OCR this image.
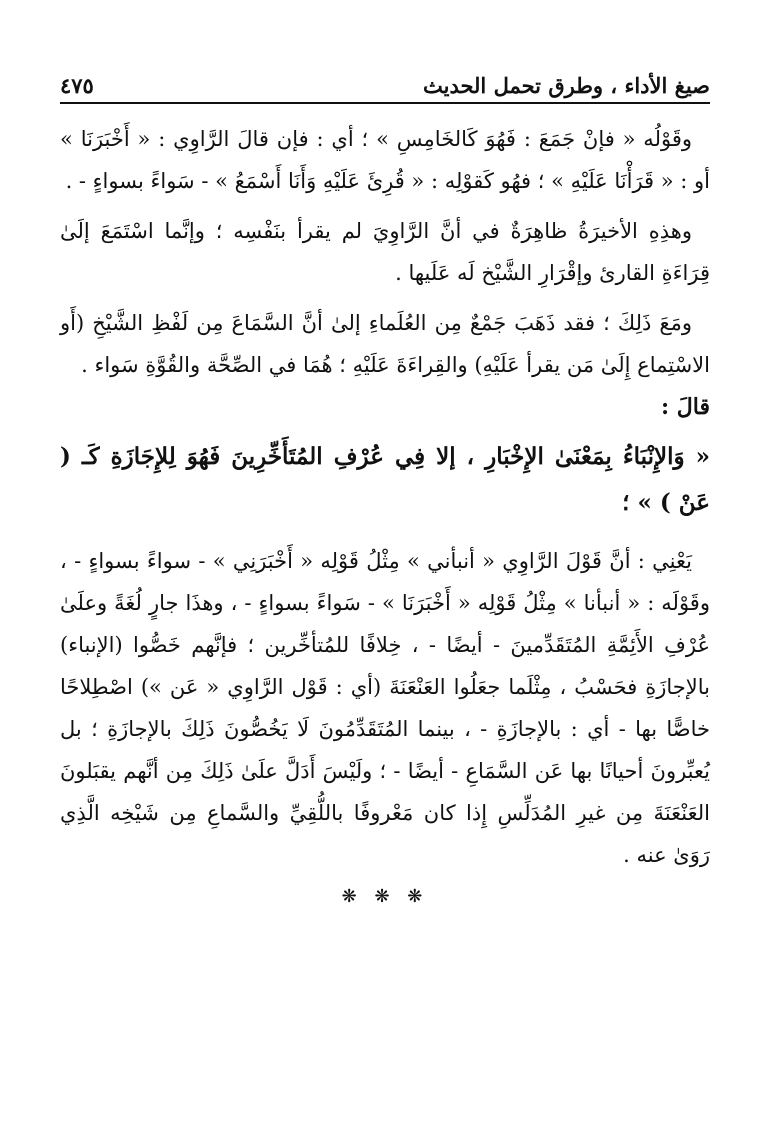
صيغ الأداء ، وطرق تحمل الحديث
٤٧٥

وقَوْلُه « فإنْ جَمَعَ : فَهُوَ كَالخَامِسِ » ؛ أي : فإن قالَ الرَّاوِي : « أَخْبَرَنَا » أو : « قَرَأْنَا عَلَيْهِ » ؛ فهُو كَقوْلِه : « قُرِئَ عَلَيْهِ وَأَنَا أَسْمَعُ » - سَواءً بسواءٍ - .

وهذِهِ الأخيرَةُ ظاهِرَةٌ في أنَّ الرَّاوِيَ لم يقرأ بنَفْسِه ؛ وإنَّما اسْتَمَعَ إلَىٰ قِرَاءَةِ القارئ وإقْرَارِ الشَّيْخ لَه عَلَيها .

ومَعَ ذَلِكَ ؛ فقد ذَهَبَ جَمْعٌ مِن العُلَماءِ إلىٰ أنَّ السَّمَاعَ مِن لَفْظِ الشَّيْخِ (أَو الاسْتِماع إِلَىٰ مَن يقرأ عَلَيْهِ) والقِراءَةَ عَلَيْهِ ؛ هُمَا في الصِّحَّة والقُوَّةِ سَواء .

قالَ :

« وَالإِنْبَاءُ بِمَعْنَىٰ الإِخْبَارِ ، إلا فِي عُرْفِ المُتَأَخِّرِينَ فَهُوَ لِلإِجَازَةِ كَـ ( عَنْ ) » ؛

يَعْنِي : أنَّ قَوْلَ الرَّاوِي « أنبأني » مِثْلُ قَوْلِه « أَخْبَرَنِي » - سواءً بسواءٍ - ، وقَوْلَه : « أنبأنا » مِثْلُ قَوْلِه « أَخْبَرَنَا » - سَواءً بسواءٍ - ، وهذَا جارٍ لُغَةً وعلَىٰ عُرْفِ الأَئِمَّةِ المُتَقَدِّمينَ - أيضًا - ، خِلافًا للمُتأخِّرين ؛ فإنَّهم خَصُّوا (الإنباء) بالإجازَةِ فحَسْبُ ، مِثْلَما جعَلُوا العَنْعَنَةَ (أي : قَوْل الرَّاوِي « عَن ») اصْطِلاحًا خاصًّا بها - أي : بالإجازَةِ - ، بينما المُتَقَدِّمُونَ لَا يَخُصُّونَ ذَلِكَ بالإجازَةِ ؛ بل يُعبِّرونَ أحيانًا بها عَن السَّمَاعِ - أيضًا - ؛ ولَيْسَ أَدَلَّ علَىٰ ذَلِكَ مِن أنَّهم يقبَلونَ العَنْعَنَةَ مِن غيرِ المُدَلِّسِ إِذا كان مَعْروفًا باللُّقِيِّ والسَّماعِ مِن شَيْخِه الَّذِي رَوَىٰ عنه .

❋ ❋ ❋
